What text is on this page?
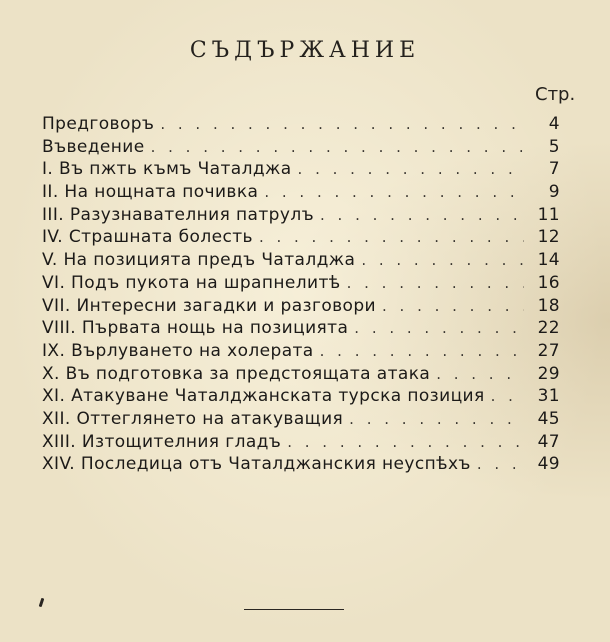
СЪДЪРЖАНИЕ
Стр.
Предговоръ . . .	4
Въведение . . .	5
I. Въ пжть къмъ Чаталджа . . .	7
II. На нощната почивка . . .	9
III. Разузнавателния патрулъ . . .	11
IV. Страшната болесть . . .	12
V. На позицията предъ Чаталджа . . .	14
VI. Подъ пукота на шрапнелитѣ . . .	16
VII. Интересни загадки и разговори . . .	18
VIII. Първата нощь на позицията . . .	22
IX. Върлуването на холерата . . .	27
X. Въ подготовка за предстоящата атака . . .	29
XI. Атакуване Чаталджанската турска позиция . . .	31
XII. Оттеглянето на атакуващия . . .	45
XIII. Изтощителния гладъ . . .	47
XIV. Последица отъ Чаталджанския неуспѣхъ . . .	49
